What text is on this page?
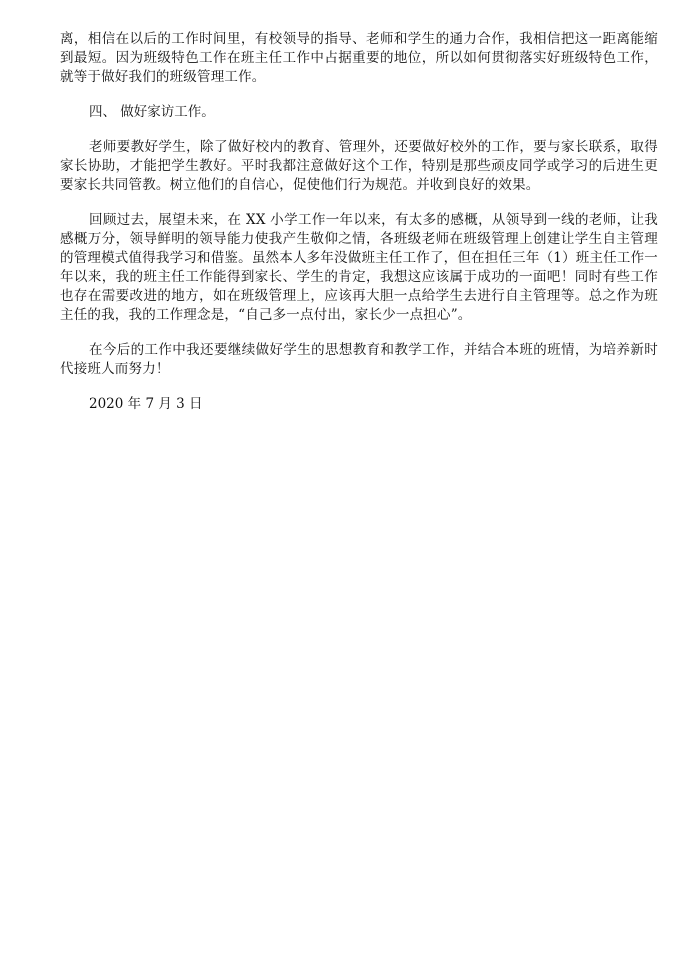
离，相信在以后的工作时间里，有校领导的指导、老师和学生的通力合作，我相信把这一距离能缩到最短。因为班级特色工作在班主任工作中占据重要的地位，所以如何贯彻落实好班级特色工作，就等于做好我们的班级管理工作。

四、 做好家访工作。

老师要教好学生，除了做好校内的教育、管理外，还要做好校外的工作，要与家长联系，取得家长协助，才能把学生教好。平时我都注意做好这个工作，特别是那些顽皮同学或学习的后进生更要家长共同管教。树立他们的自信心，促使他们行为规范。并收到良好的效果。

回顾过去，展望未来，在 XX 小学工作一年以来，有太多的感概，从领导到一线的老师，让我感概万分，领导鲜明的领导能力使我产生敬仰之情，各班级老师在班级管理上创建让学生自主管理的管理模式值得我学习和借鉴。虽然本人多年没做班主任工作了，但在担任三年（1）班主任工作一年以来，我的班主任工作能得到家长、学生的肯定，我想这应该属于成功的一面吧！同时有些工作也存在需要改进的地方，如在班级管理上，应该再大胆一点给学生去进行自主管理等。总之作为班主任的我，我的工作理念是，“自己多一点付出，家长少一点担心”。

在今后的工作中我还要继续做好学生的思想教育和教学工作，并结合本班的班情，为培养新时代接班人而努力！

2020 年 7 月 3 日
